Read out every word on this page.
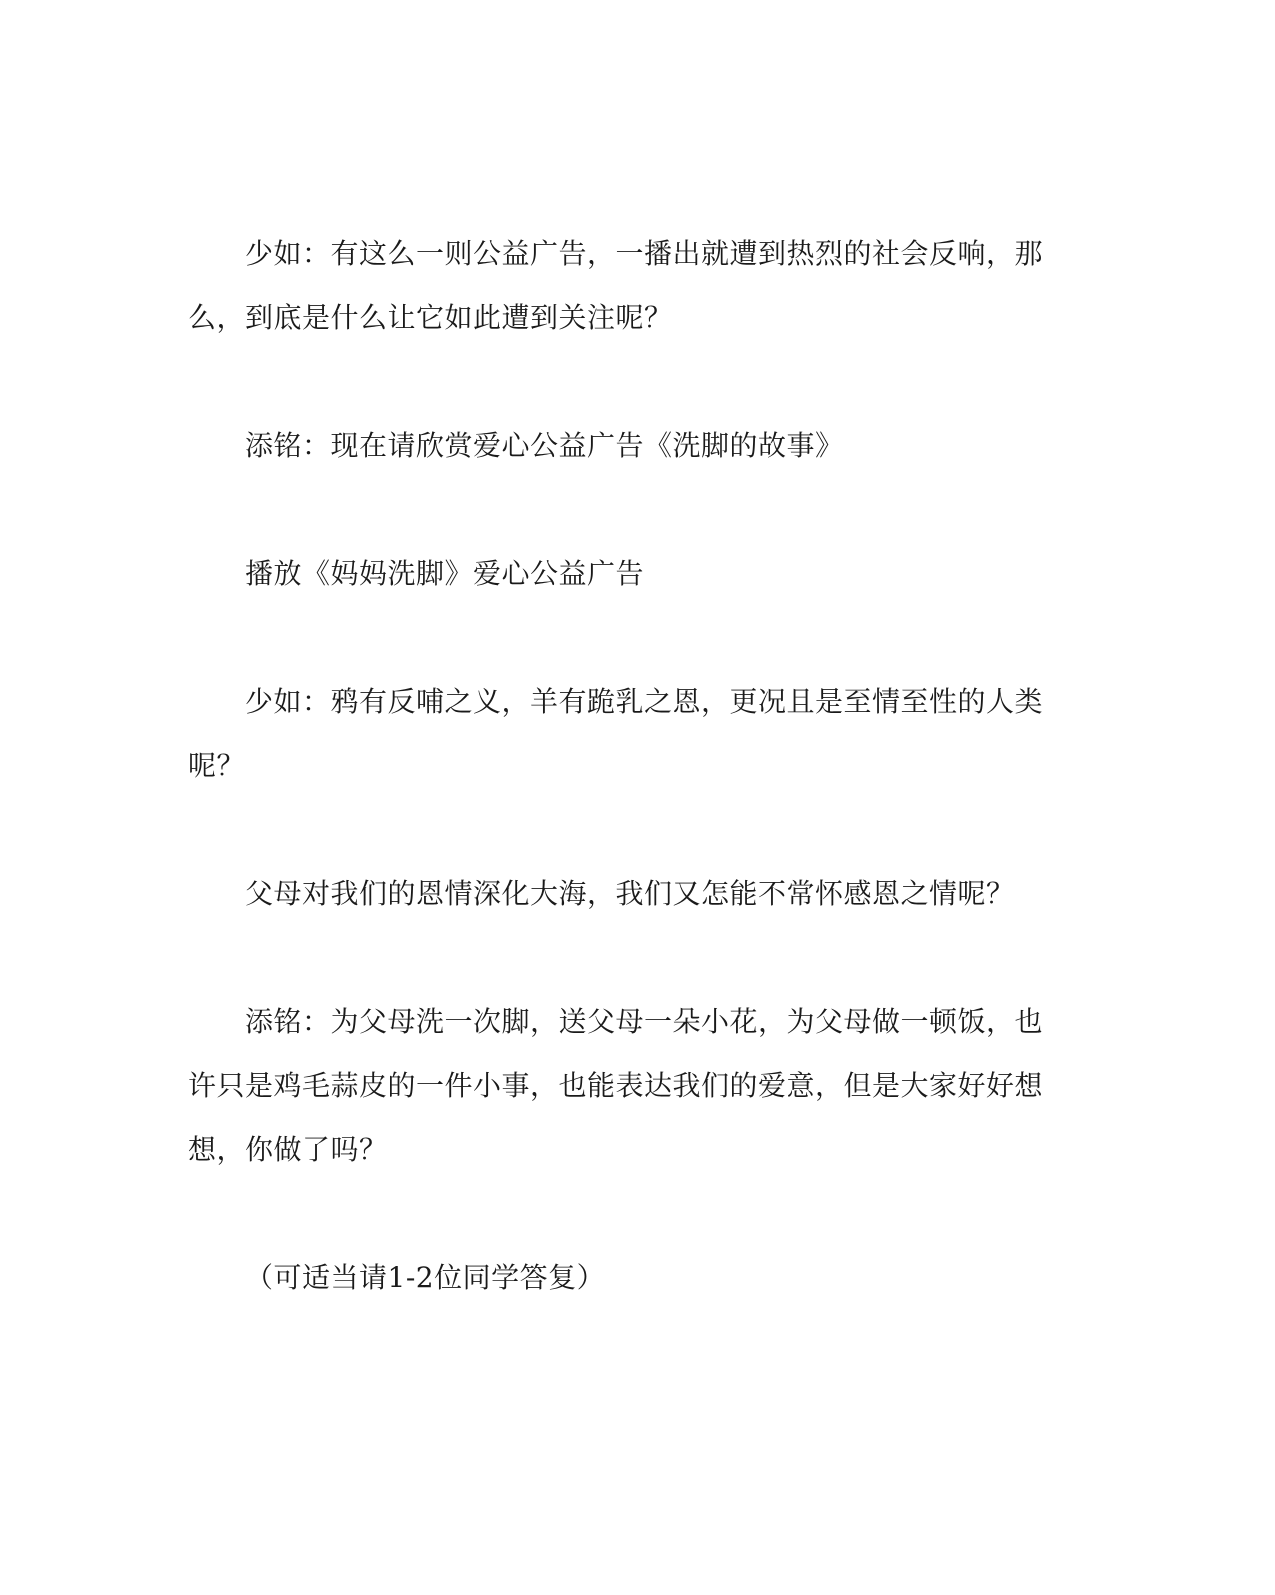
少如：有这么一则公益广告，一播出就遭到热烈的社会反响，那么，到底是什么让它如此遭到关注呢？

添铭：现在请欣赏爱心公益广告《洗脚的故事》

播放《妈妈洗脚》爱心公益广告

少如：鸦有反哺之义，羊有跪乳之恩，更况且是至情至性的人类呢？

父母对我们的恩情深化大海，我们又怎能不常怀感恩之情呢？

添铭：为父母洗一次脚，送父母一朵小花，为父母做一顿饭，也许只是鸡毛蒜皮的一件小事，也能表达我们的爱意，但是大家好好想想，你做了吗？

（可适当请1-2位同学答复）
